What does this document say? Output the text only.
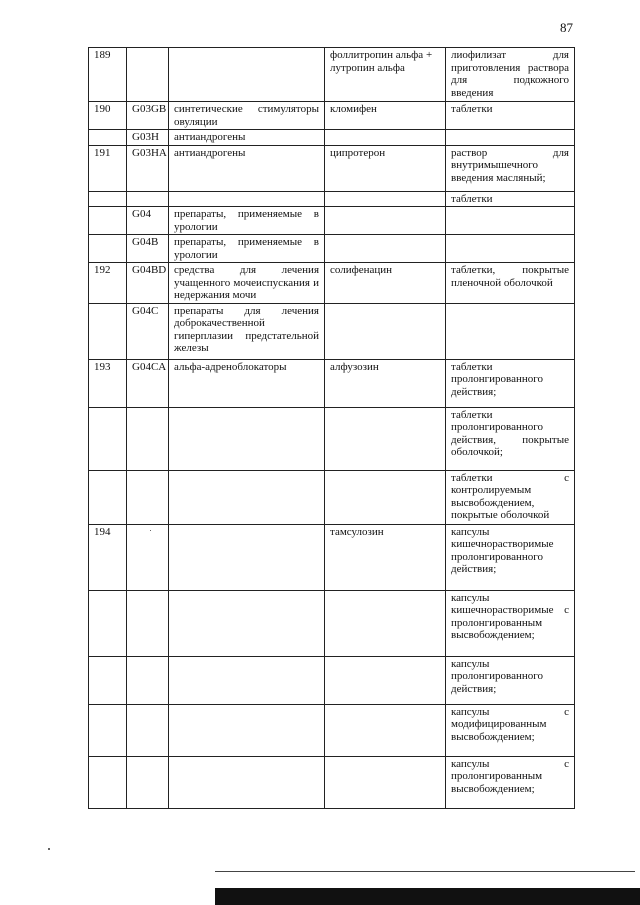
87
189			фоллитропин альфа + лутропин альфа	лиофилизат для приготовления раствора для подкожного введения
190	G03GB	синтетические стимуляторы овуляции	кломифен	таблетки
	G03H	антиандрогены		
191	G03HA	антиандрогены	ципротерон	раствор для внутримышечного введения масляный;
				таблетки
	G04	препараты, применяемые в урологии		
	G04B	препараты, применяемые в урологии		
192	G04BD	средства для лечения учащенного мочеиспускания и недержания мочи	солифенацин	таблетки, покрытые пленочной оболочкой
	G04C	препараты для лечения доброкачественной гиперплазии предстательной железы		
193	G04CA	альфа-адреноблокаторы	алфузозин	таблетки пролонгированного действия;
				таблетки пролонгированного действия, покрытые оболочкой;
				таблетки с контролируемым высвобождением, покрытые оболочкой
194			тамсулозин	капсулы кишечнорастворимые пролонгированного действия;
				капсулы кишечнорастворимые с пролонгированным высвобождением;
				капсулы пролонгированного действия;
				капсулы с модифицированным высвобождением;
				капсулы с пролонгированным высвобождением;
